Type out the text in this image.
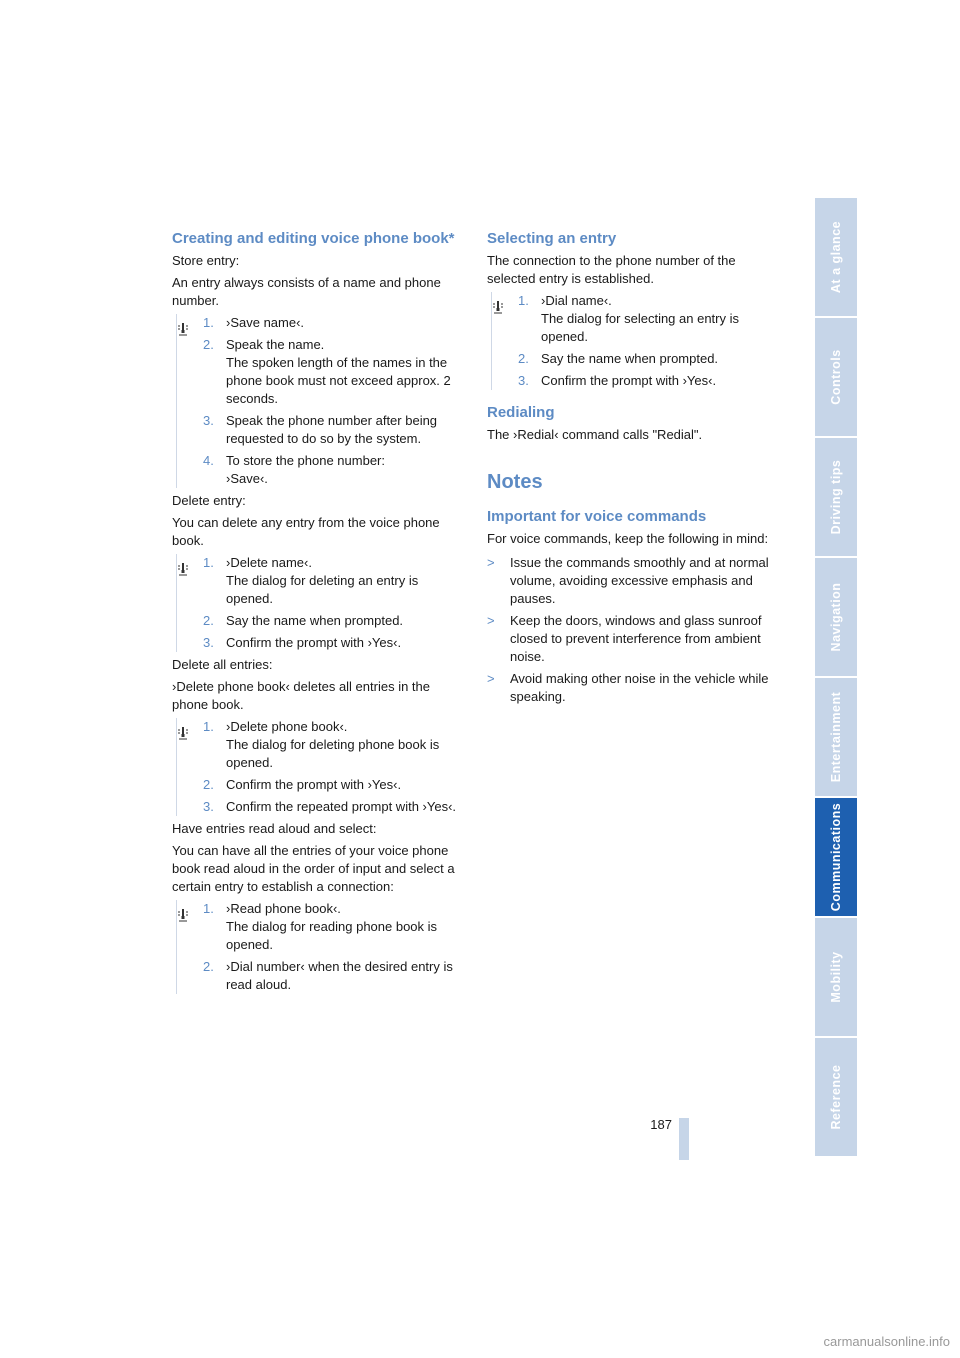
Creating and editing voice phone book*

Store entry:

An entry always consists of a name and phone number.

1. ›Save name‹.
2. Speak the name.
The spoken length of the names in the phone book must not exceed approx. 2 seconds.
3. Speak the phone number after being requested to do so by the system.
4. To store the phone number:
›Save‹.

Delete entry:

You can delete any entry from the voice phone book.

1. ›Delete name‹.
The dialog for deleting an entry is opened.
2. Say the name when prompted.
3. Confirm the prompt with ›Yes‹.

Delete all entries:

›Delete phone book‹ deletes all entries in the phone book.

1. ›Delete phone book‹.
The dialog for deleting phone book is opened.
2. Confirm the prompt with ›Yes‹.
3. Confirm the repeated prompt with ›Yes‹.

Have entries read aloud and select:

You can have all the entries of your voice phone book read aloud in the order of input and select a certain entry to establish a connection:

1. ›Read phone book‹.
The dialog for reading phone book is opened.
2. ›Dial number‹ when the desired entry is read aloud.
Selecting an entry

The connection to the phone number of the selected entry is established.

1. ›Dial name‹.
The dialog for selecting an entry is opened.
2. Say the name when prompted.
3. Confirm the prompt with ›Yes‹.
Redialing

The ›Redial‹ command calls "Redial".

Notes
Important for voice commands

For voice commands, keep the following in mind:

>	Issue the commands smoothly and at normal volume, avoiding excessive emphasis and pauses.
>	Keep the doors, windows and glass sunroof closed to prevent interference from ambient noise.
>	Avoid making other noise in the vehicle while speaking.
At a glance
Controls
Driving tips
Navigation
Entertainment
Communications
Mobility
Reference
187
carmanualsonline.info
